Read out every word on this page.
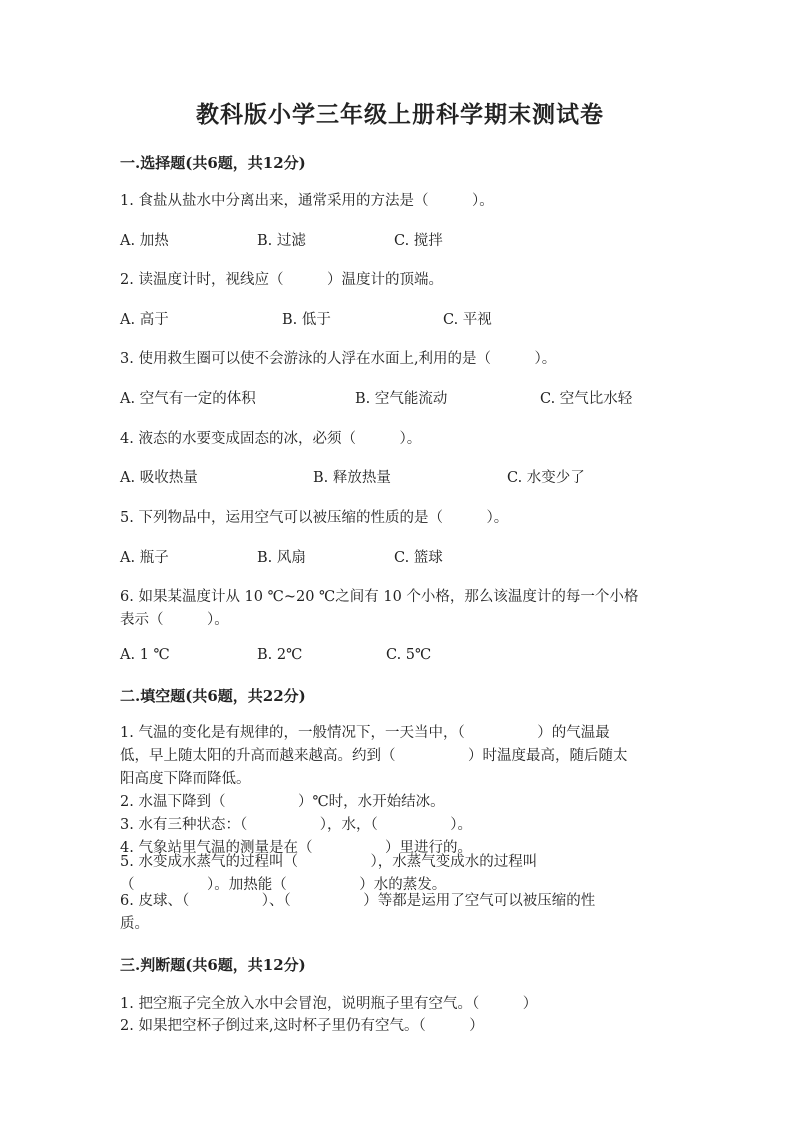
教科版小学三年级上册科学期末测试卷
一.选择题(共6题，共12分)
1. 食盐从盐水中分离出来，通常采用的方法是（　　　）。
A. 加热	B. 过滤	C. 搅拌
2. 读温度计时，视线应（　　　）温度计的顶端。
A. 高于	B. 低于	C. 平视
3. 使用救生圈可以使不会游泳的人浮在水面上,利用的是（　　　）。
A. 空气有一定的体积	B. 空气能流动	C. 空气比水轻
4. 液态的水要变成固态的冰，必须（　　　）。
A. 吸收热量	B. 释放热量	C. 水变少了
5. 下列物品中，运用空气可以被压缩的性质的是（　　　）。
A. 瓶子	B. 风扇	C. 篮球
6. 如果某温度计从 10 ℃~20 ℃之间有 10 个小格，那么该温度计的每一个小格
表示（　　　）。
A. 1 ℃	B. 2℃	C. 5℃
二.填空题(共6题，共22分)
1. 气温的变化是有规律的，一般情况下，一天当中，（　　　　　）的气温最
低，早上随太阳的升高而越来越高。约到（　　　　　）时温度最高，随后随太
阳高度下降而降低。
2. 水温下降到（　　　　　）℃时，水开始结冰。
3. 水有三种状态：（　　　　　），水，（　　　　　）。
4. 气象站里气温的测量是在（　　　　　）里进行的。
5. 水变成水蒸气的过程叫（　　　　　），水蒸气变成水的过程叫
（　　　　　）。加热能（　　　　　）水的蒸发。
6. 皮球、（　　　　　）、（　　　　　）等都是运用了空气可以被压缩的性
质。
三.判断题(共6题，共12分)
1. 把空瓶子完全放入水中会冒泡，说明瓶子里有空气。（　　　）
2. 如果把空杯子倒过来,这时杯子里仍有空气。（　　　）
